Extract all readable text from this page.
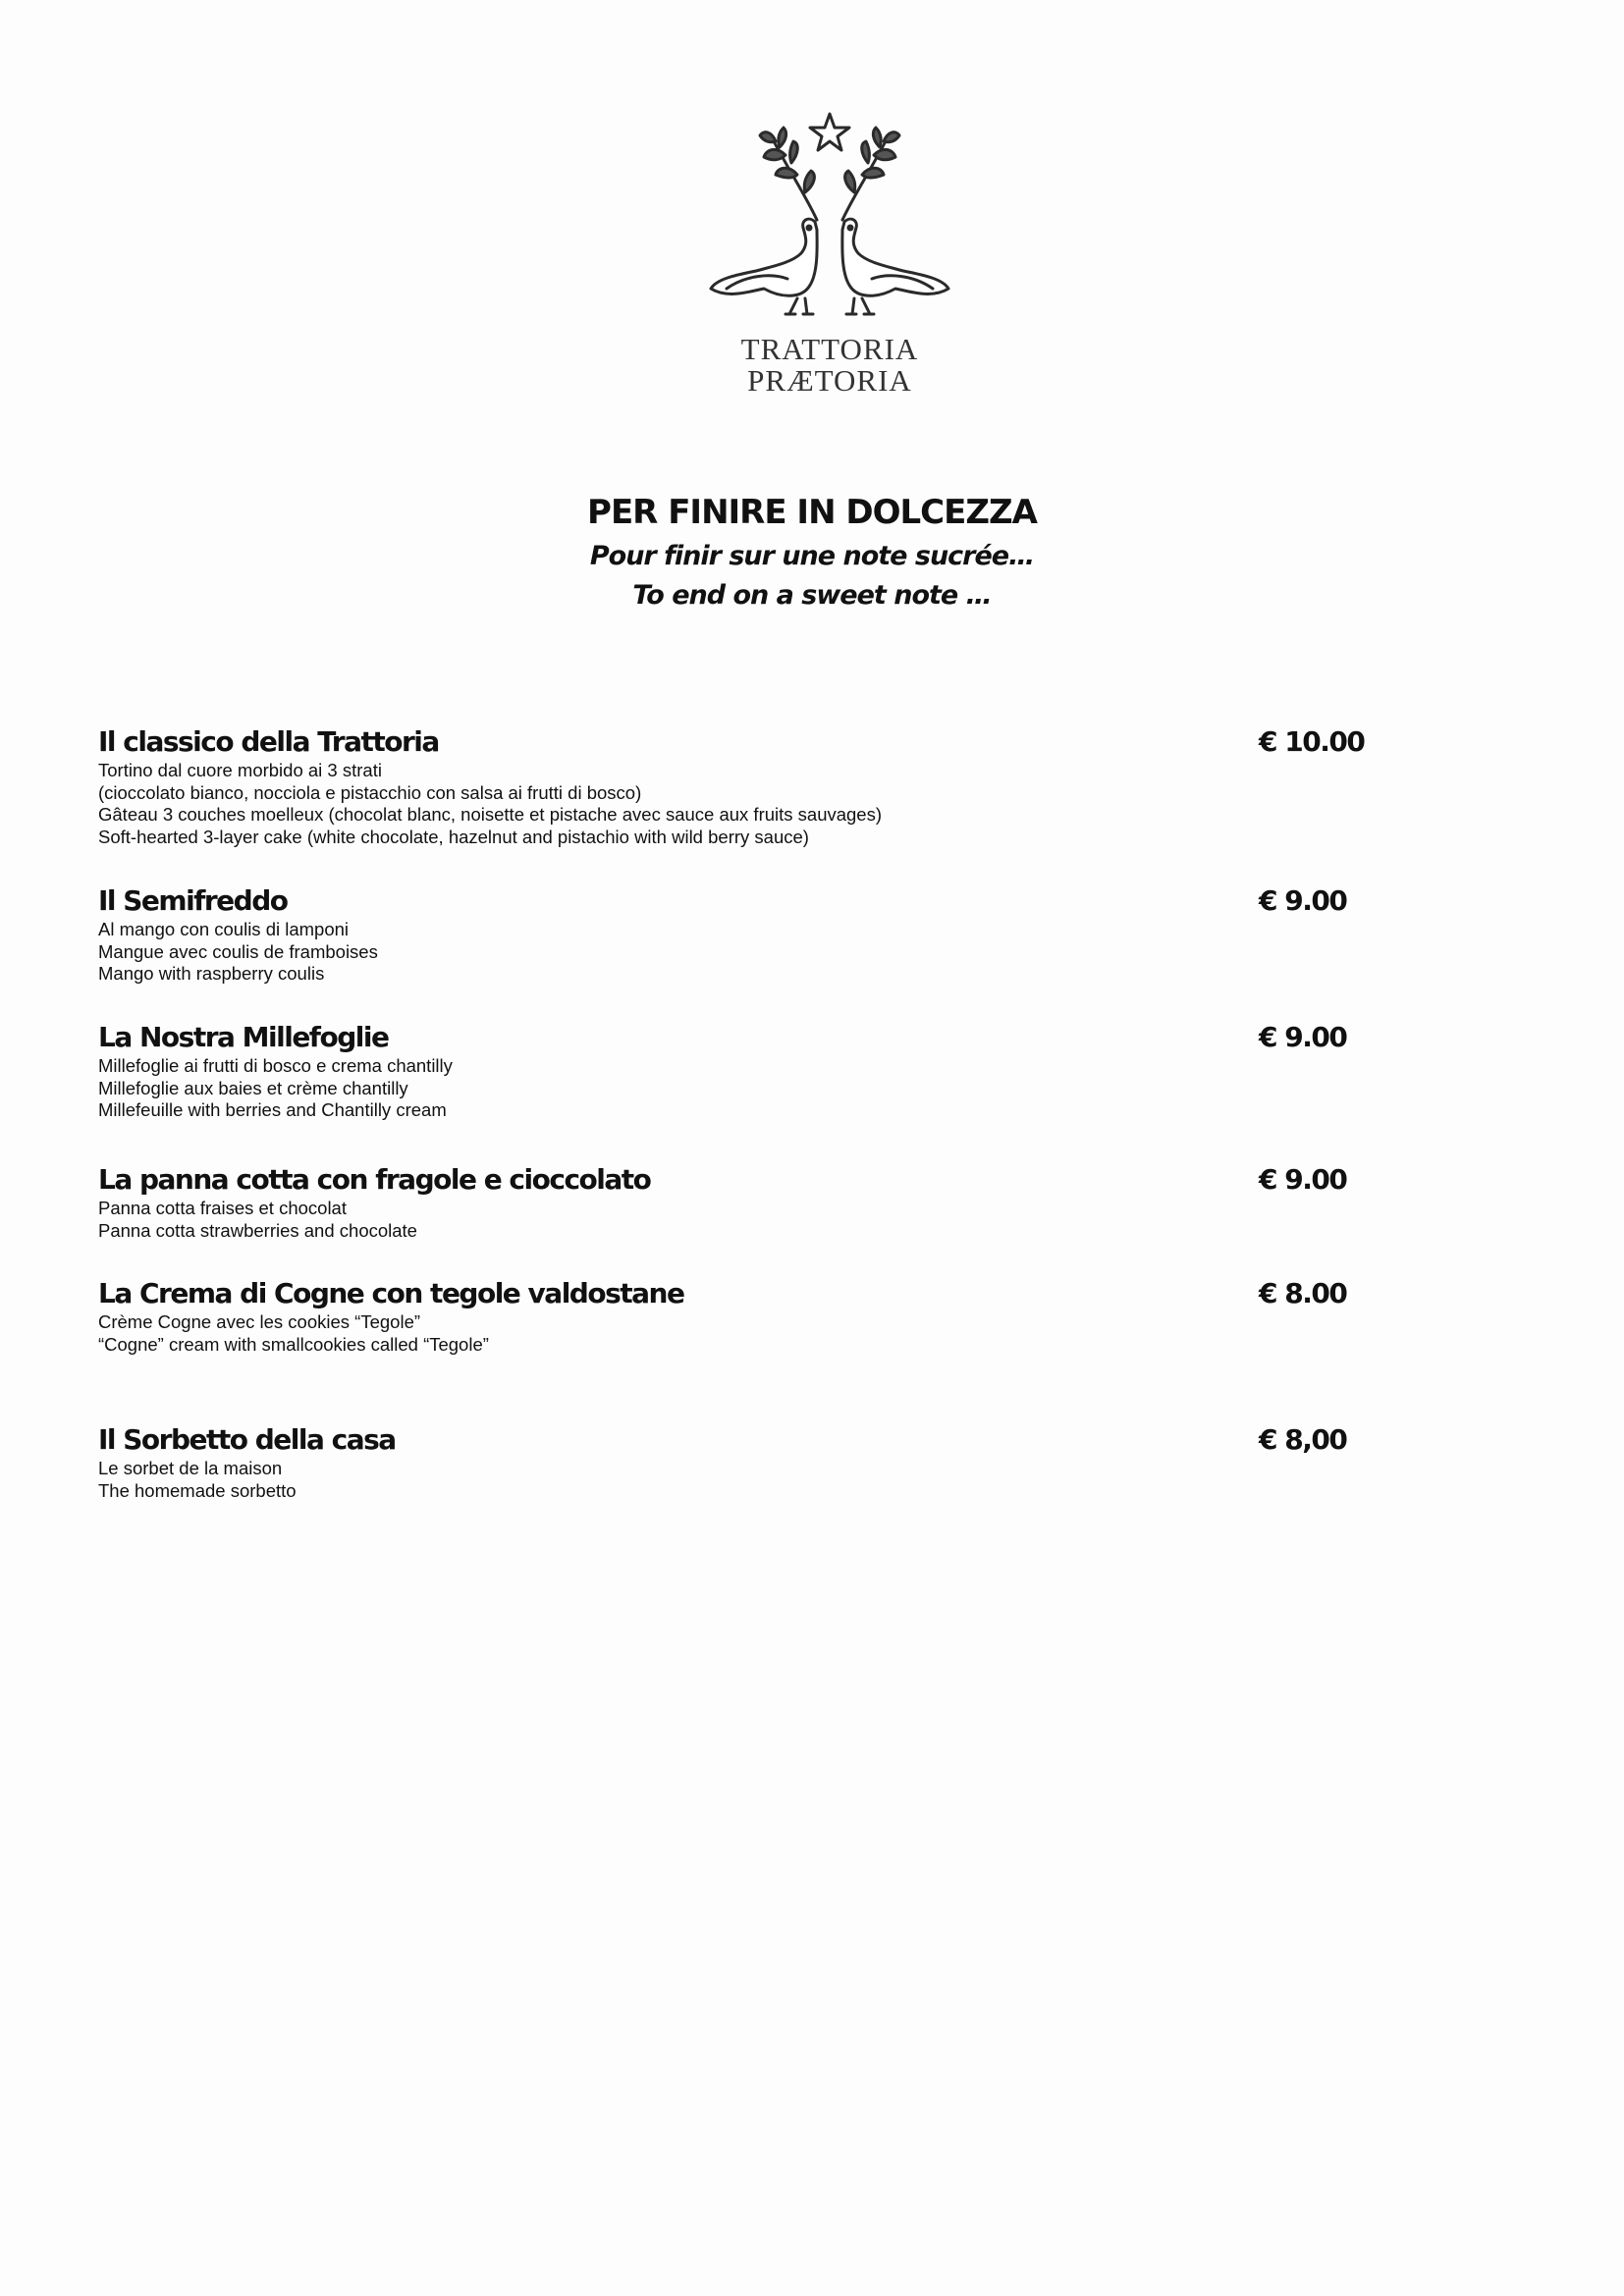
TRATTORIA
PRÆTORIA
PER FINIRE IN DOLCEZZA
Pour finir sur une note sucrée…
To end on a sweet note …
Il classico della Trattoria
Tortino dal cuore morbido ai 3 strati
(cioccolato bianco, nocciola e pistacchio con salsa ai frutti di bosco)
Gâteau 3 couches moelleux (chocolat blanc, noisette et pistache avec sauce aux fruits sauvages)
Soft-hearted 3-layer cake (white chocolate, hazelnut and pistachio with wild berry sauce)
€ 10.00
Il Semifreddo
Al mango con coulis di lamponi
Mangue avec coulis de framboises
Mango with raspberry coulis
€ 9.00
La Nostra Millefoglie
Millefoglie ai frutti di bosco e crema chantilly
Millefoglie aux baies et crème chantilly
Millefeuille with berries and Chantilly cream
€ 9.00
La panna cotta con fragole e cioccolato
Panna cotta fraises et chocolat
Panna cotta strawberries and chocolate
€ 9.00
La Crema di Cogne con tegole valdostane
Crème Cogne avec les cookies “Tegole”
“Cogne” cream with smallcookies called “Tegole”
€ 8.00
Il Sorbetto della casa
Le sorbet de la maison
The homemade sorbetto
€ 8,00
